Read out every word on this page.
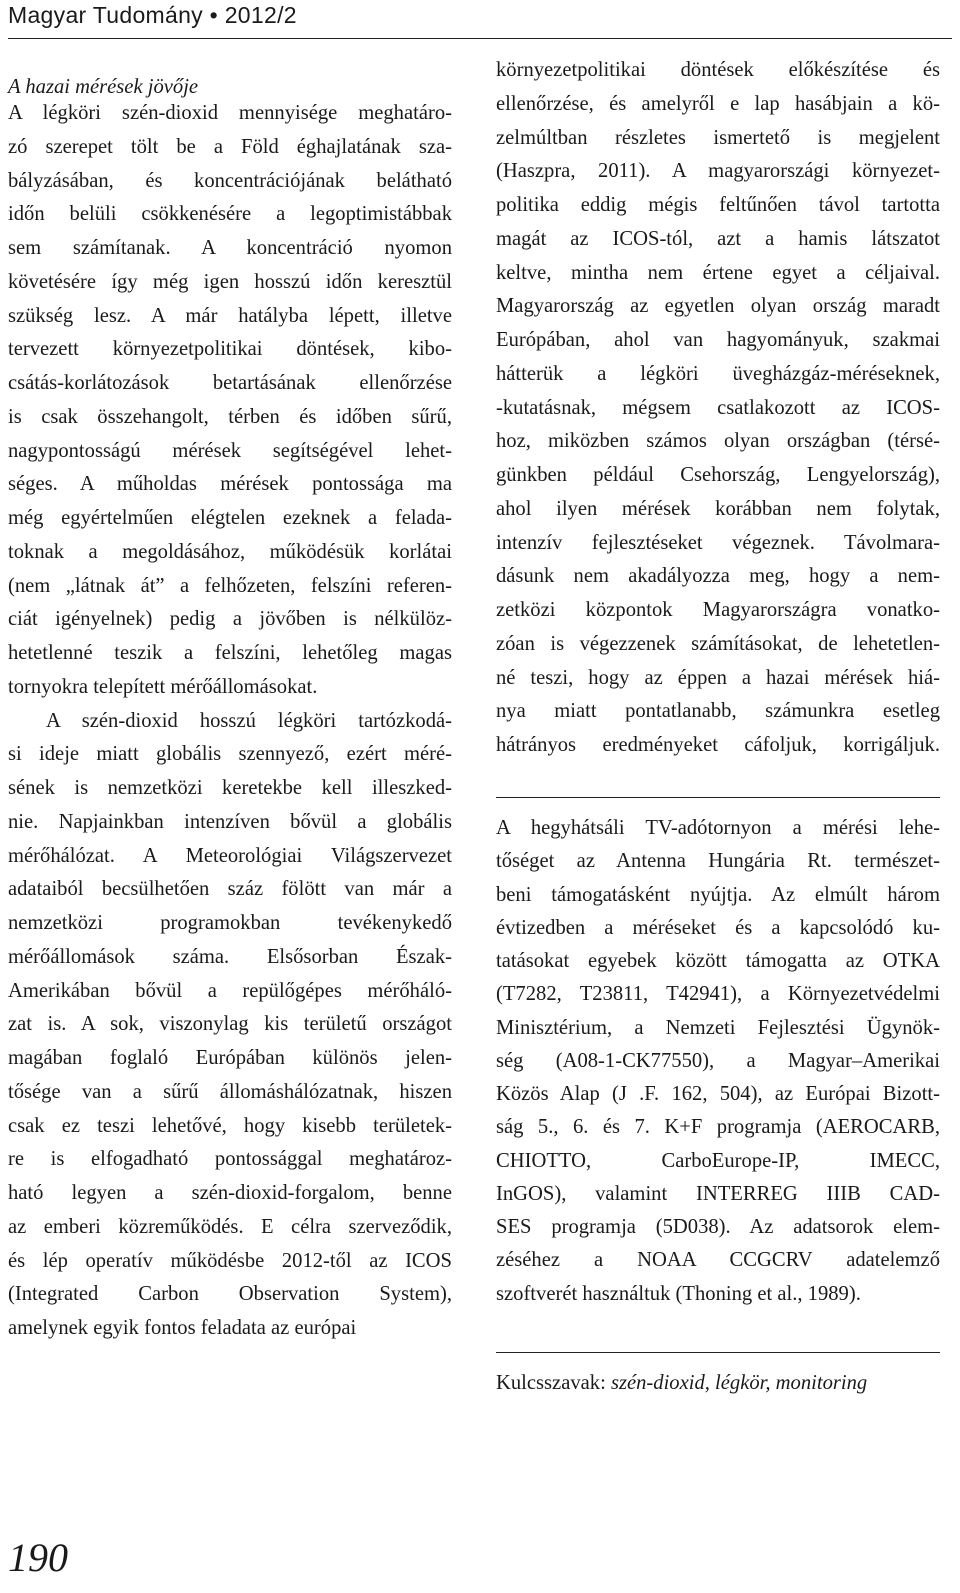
Magyar Tudomány • 2012/2
A hazai mérések jövője
A légköri szén-dioxid mennyisége meghatáro-
zó szerepet tölt be a Föld éghajlatának sza-
bályzásában, és koncentrációjának belátható
időn belüli csökkenésére a legoptimistábbak
sem számítanak. A koncentráció nyomon
követésére így még igen hosszú időn keresztül
szükség lesz. A már hatályba lépett, illetve
tervezett környezetpolitikai döntések, kibo-
csátás-korlátozások betartásának ellenőrzése
is csak összehangolt, térben és időben sűrű,
nagypontosságú mérések segítségével lehet-
séges. A műholdas mérések pontossága ma
még egyértelműen elégtelen ezeknek a felada-
toknak a megoldásához, működésük korlátai
(nem „látnak át” a felhőzeten, felszíni referen-
ciát igényelnek) pedig a jövőben is nélkülöz-
hetetlenné teszik a felszíni, lehetőleg magas
tornyokra telepített mérőállomásokat.
A szén-dioxid hosszú légköri tartózkodá-
si ideje miatt globális szennyező, ezért méré-
sének is nemzetközi keretekbe kell illeszked-
nie. Napjainkban intenzíven bővül a globális
mérőhálózat. A Meteorológiai Világszervezet
adataiból becsülhetően száz fölött van már a
nemzetközi programokban tevékenykedő
mérőállomások száma. Elsősorban Észak-
Amerikában bővül a repülőgépes mérőháló-
zat is. A sok, viszonylag kis területű országot
magában foglaló Európában különös jelen-
tősége van a sűrű állomáshálózatnak, hiszen
csak ez teszi lehetővé, hogy kisebb területek-
re is elfogadható pontossággal meghatároz-
ható legyen a szén-dioxid-forgalom, benne
az emberi közreműködés. E célra szerveződik,
és lép operatív működésbe 2012-től az ICOS
(Integrated Carbon Observation System),
amelynek egyik fontos feladata az európai
környezetpolitikai döntések előkészítése és
ellenőrzése, és amelyről e lap hasábjain a kö-
zelmúltban részletes ismertető is megjelent
(Haszpra, 2011). A magyarországi környezet-
politika eddig mégis feltűnően távol tartotta
magát az ICOS-tól, azt a hamis látszatot
keltve, mintha nem értene egyet a céljaival.
Magyarország az egyetlen olyan ország maradt
Európában, ahol van hagyományuk, szakmai
hátterük a légköri üvegházgáz-méréseknek,
-kutatásnak, mégsem csatlakozott az ICOS-
hoz, miközben számos olyan országban (térsé-
günkben például Csehország, Lengyelország),
ahol ilyen mérések korábban nem folytak,
intenzív fejlesztéseket végeznek. Távolmara-
dásunk nem akadályozza meg, hogy a nem-
zetközi központok Magyarországra vonatko-
zóan is végezzenek számításokat, de lehetetlen-
né teszi, hogy az éppen a hazai mérések hiá-
nya miatt pontatlanabb, számunkra esetleg
hátrányos eredményeket cáfoljuk, korrigáljuk.
A hegyhátsáli TV-adótornyon a mérési lehe-
tőséget az Antenna Hungária Rt. természet-
beni támogatásként nyújtja. Az elmúlt három
évtizedben a méréseket és a kapcsolódó ku-
tatásokat egyebek között támogatta az OTKA
(T7282, T23811, T42941), a Környezetvédelmi
Minisztérium, a Nemzeti Fejlesztési Ügynök-
ség (A08-1-CK77550), a Magyar–Amerikai
Közös Alap (J .F. 162, 504), az Európai Bizott-
ság 5., 6. és 7. K+F programja (AEROCARB,
CHIOTTO, CarboEurope-IP, IMECC,
InGOS), valamint INTERREG IIIB CAD-
SES programja (5D038). Az adatsorok elem-
zéséhez a NOAA CCGCRV adatelemző
szoftverét használtuk (Thoning et al., 1989).
Kulcsszavak: szén-dioxid, légkör, monitoring
190
